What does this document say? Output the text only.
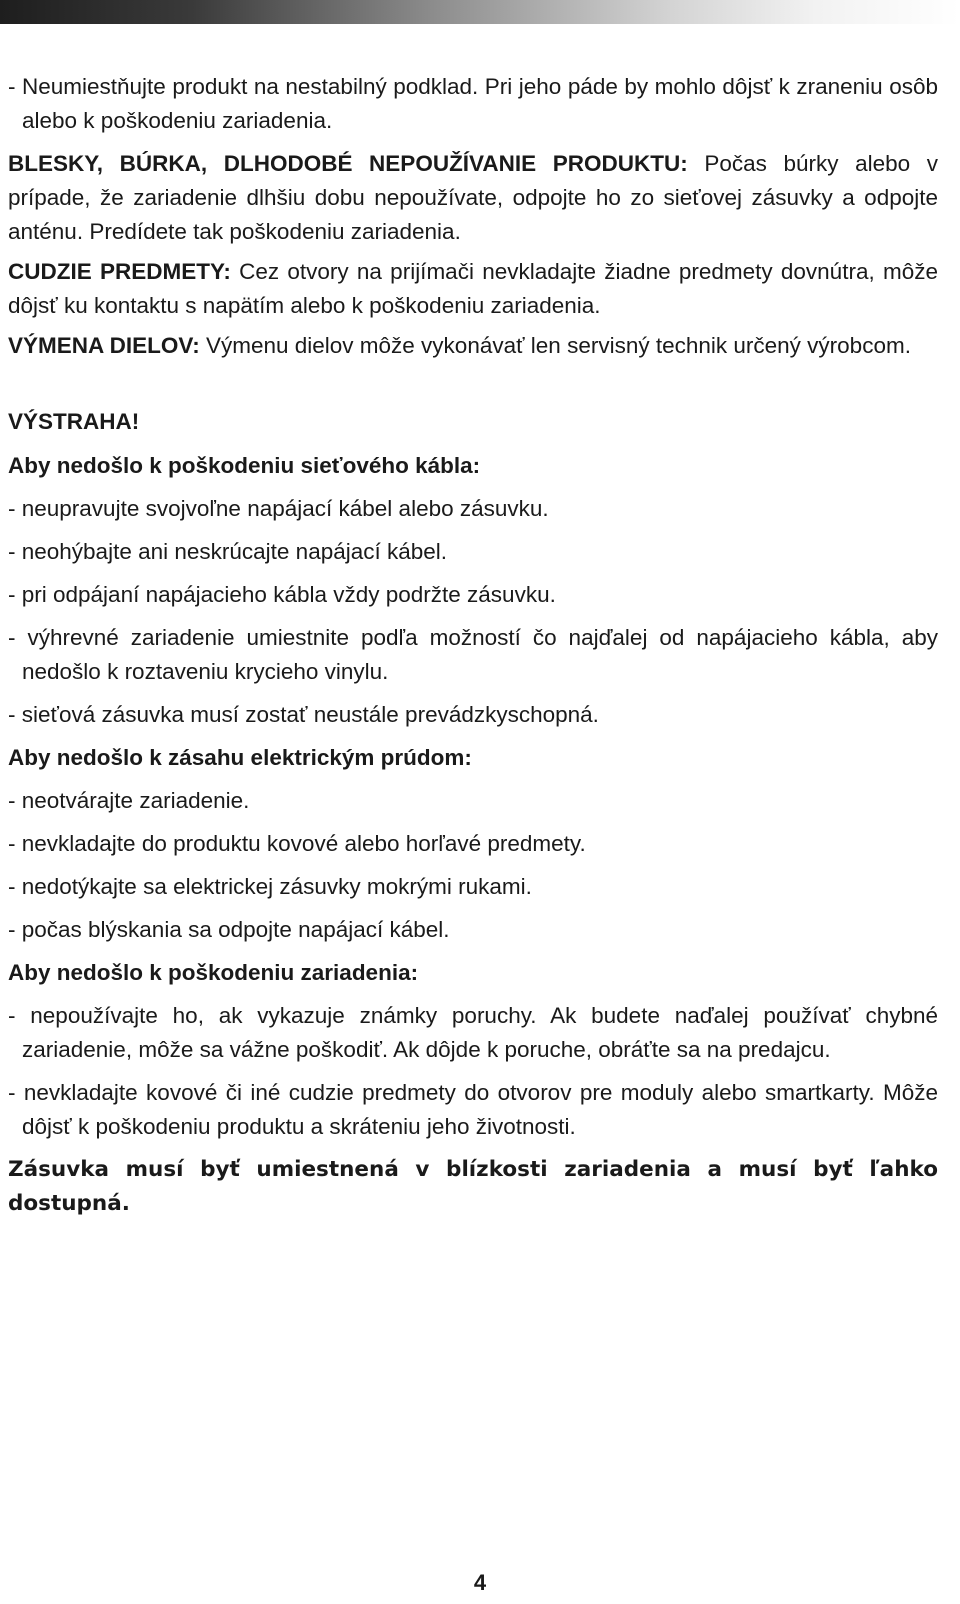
- Neumiestňujte produkt na nestabilný podklad. Pri jeho páde by mohlo dôjsť k zraneniu osôb alebo k poškodeniu zariadenia.
BLESKY, BÚRKA, DLHODOBÉ NEPOUŽÍVANIE PRODUKTU: Počas búrky alebo v prípade, že zariadenie dlhšiu dobu nepoužívate, odpojte ho zo sieťovej zásuvky a odpojte anténu. Predídete tak poškodeniu zariadenia.
CUDZIE PREDMETY: Cez otvory na prijímači nevkladajte žiadne predmety dovnútra, môže dôjsť ku kontaktu s napätím alebo k poškodeniu zariadenia.
VÝMENA DIELOV: Výmenu dielov môže vykonávať len servisný technik určený výrobcom.
VÝSTRAHA!
Aby nedošlo k poškodeniu sieťového kábla:
- neupravujte svojvoľne napájací kábel alebo zásuvku.
- neohýbajte ani neskrúcajte napájací kábel.
- pri odpájaní napájacieho kábla vždy podržte zásuvku.
- výhrevné zariadenie umiestnite podľa možností čo najďalej od napájacieho kábla, aby nedošlo k roztaveniu krycieho vinylu.
- sieťová zásuvka musí zostať neustále prevádzkyschopná.
Aby nedošlo k zásahu elektrickým prúdom:
- neotvárajte zariadenie.
- nevkladajte do produktu kovové alebo horľavé predmety.
- nedotýkajte sa elektrickej zásuvky mokrými rukami.
- počas blýskania sa odpojte napájací kábel.
Aby nedošlo k poškodeniu zariadenia:
- nepoužívajte ho, ak vykazuje známky poruchy. Ak budete naďalej používať chybné zariadenie, môže sa vážne poškodiť. Ak dôjde k poruche, obráťte sa na predajcu.
- nevkladajte kovové či iné cudzie predmety do otvorov pre moduly alebo smartkarty. Môže dôjsť k poškodeniu produktu a skráteniu jeho životnosti.
Zásuvka musí byť umiestnená v blízkosti zariadenia a musí byť ľahko dostupná.
4
